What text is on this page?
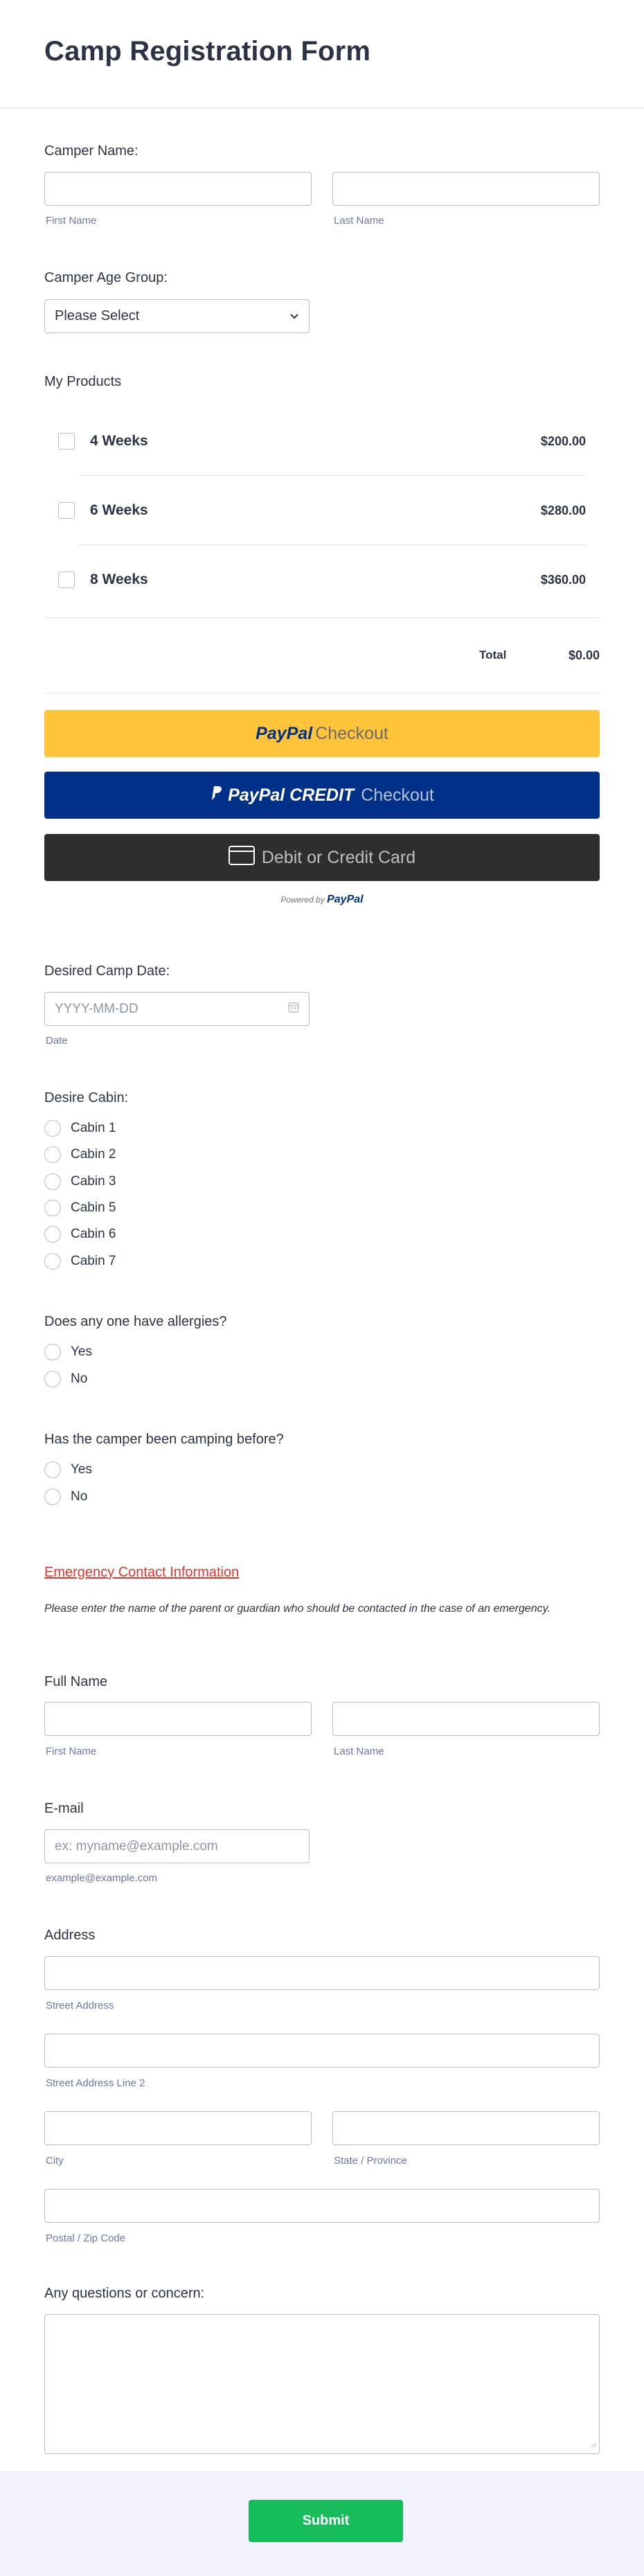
Camp Registration Form
Camper Name:
First Name	Last Name
Camper Age Group:
Please Select
My Products
4 Weeks	$200.00
6 Weeks	$280.00
8 Weeks	$360.00
Total	$0.00
PayPal Checkout
PayPal CREDIT Checkout
Debit or Credit Card
Powered by PayPal
Desired Camp Date:
YYYY-MM-DD
Date
Desire Cabin:
Cabin 1
Cabin 2
Cabin 3
Cabin 5
Cabin 6
Cabin 7
Does any one have allergies?
Yes
No
Has the camper been camping before?
Yes
No
Emergency Contact Information
Please enter the name of the parent or guardian who should be contacted in the case of an emergency.
Full Name
First Name	Last Name
E-mail
ex: myname@example.com
example@example.com
Address
Street Address
Street Address Line 2
City	State / Province
Postal / Zip Code
Any questions or concern:
Submit
